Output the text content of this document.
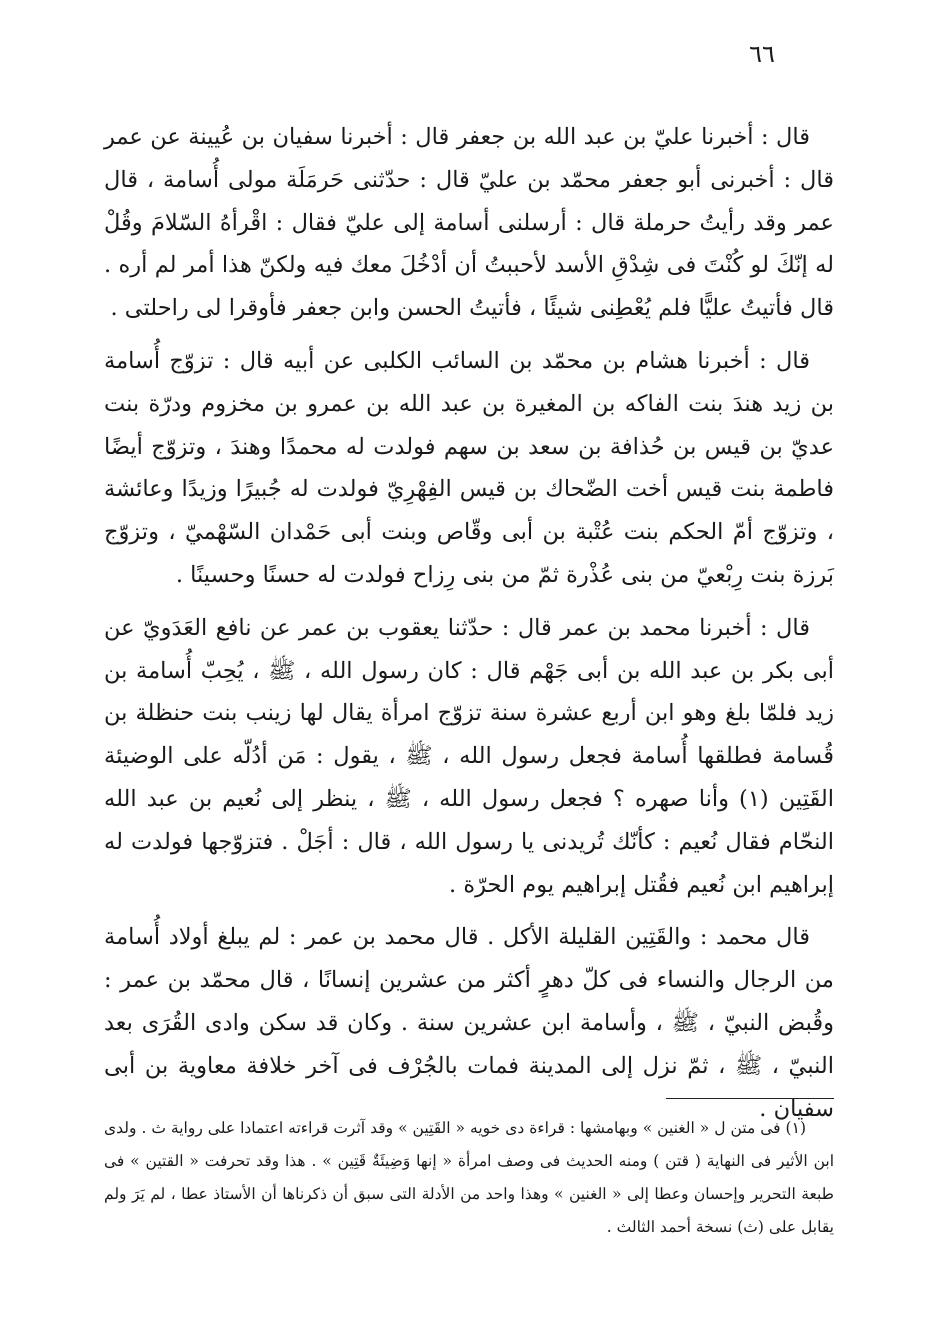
٦٦

قال : أخبرنا عليّ بن عبد الله بن جعفر قال : أخبرنا سفيان بن عُيينة عن عمر قال : أخبرنى أبو جعفر محمّد بن عليّ قال : حدّثنى حَرمَلَة مولى أُسامة ، قال عمر وقد رأيتُ حرملة قال : أرسلنى أسامة إلى عليّ فقال : اقْرأهُ السّلامَ وقُلْ له إنّكَ لو كُنْتَ فى شِدْقِ الأسد لأحببتُ أن أدْخُلَ معك فيه ولكنّ هذا أمر لم أره . قال فأتيتُ عليًّا فلم يُعْطِنى شيئًا ، فأتيتُ الحسن وابن جعفر فأوقرا لى راحلتى .

قال : أخبرنا هشام بن محمّد بن السائب الكلبى عن أبيه قال : تزوّج أُسامة بن زيد هندَ بنت الفاكه بن المغيرة بن عبد الله بن عمرو بن مخزوم ودرّة بنت عديّ بن قيس بن حُذافة بن سعد بن سهم فولدت له محمدًا وهندَ ، وتزوّج أيضًا فاطمة بنت قيس أخت الضّحاك بن قيس الفِهْرِيّ فولدت له جُبيرًا وزيدًا وعائشة ، وتزوّج أمّ الحكم بنت عُتْبة بن أبى وقّاص وبنت أبى حَمْدان السّهْميّ ، وتزوّج بَرزة بنت رِبْعيّ من بنى عُذْرة ثمّ من بنى رِزاح فولدت له حسنًا وحسينًا .

قال : أخبرنا محمد بن عمر قال : حدّثنا يعقوب بن عمر عن نافع العَدَويّ عن أبى بكر بن عبد الله بن أبى جَهْم قال : كان رسول الله ، ﷺ ، يُحِبّ أُسامة بن زيد فلمّا بلغ وهو ابن أربع عشرة سنة تزوّج امرأة يقال لها زينب بنت حنظلة بن قُسامة فطلقها أُسامة فجعل رسول الله ، ﷺ ، يقول : مَن أدُلّه على الوضيئة القَتِين (١) وأنا صهره ؟ فجعل رسول الله ، ﷺ ، ينظر إلى نُعيم بن عبد الله النحّام فقال نُعيم : كأنّك تُريدنى يا رسول الله ، قال : أجَلْ . فتزوّجها فولدت له إبراهيم ابن نُعيم فقُتل إبراهيم يوم الحرّة .

قال محمد : والقَتِين القليلة الأكل . قال محمد بن عمر : لم يبلغ أولاد أُسامة من الرجال والنساء فى كلّ دهرٍ أكثر من عشرين إنسانًا ، قال محمّد بن عمر : وقُبض النبيّ ، ﷺ ، وأسامة ابن عشرين سنة . وكان قد سكن وادى القُرَى بعد النبيّ ، ﷺ ، ثمّ نزل إلى المدينة فمات بالجُرْف فى آخر خلافة معاوية بن أبى سفيان .

(١) فى متن ل « الغنين » وبهامشها : قراءة دى خويه « القَتِين » وقد آثرت قراءته اعتمادا على رواية ث . ولدى ابن الأثير فى النهاية ( قتن ) ومنه الحديث فى وصف امرأة « إنها وَضِيئَةٌ قَتِين » . هذا وقد تحرفت « القتين » فى طبعة التحرير وإحسان وعطا إلى « الغنين » وهذا واحد من الأدلة التى سبق أن ذكرناها أن الأستاذ عطا ، لم يَرَ ولم يقابل على (ث) نسخة أحمد الثالث .
